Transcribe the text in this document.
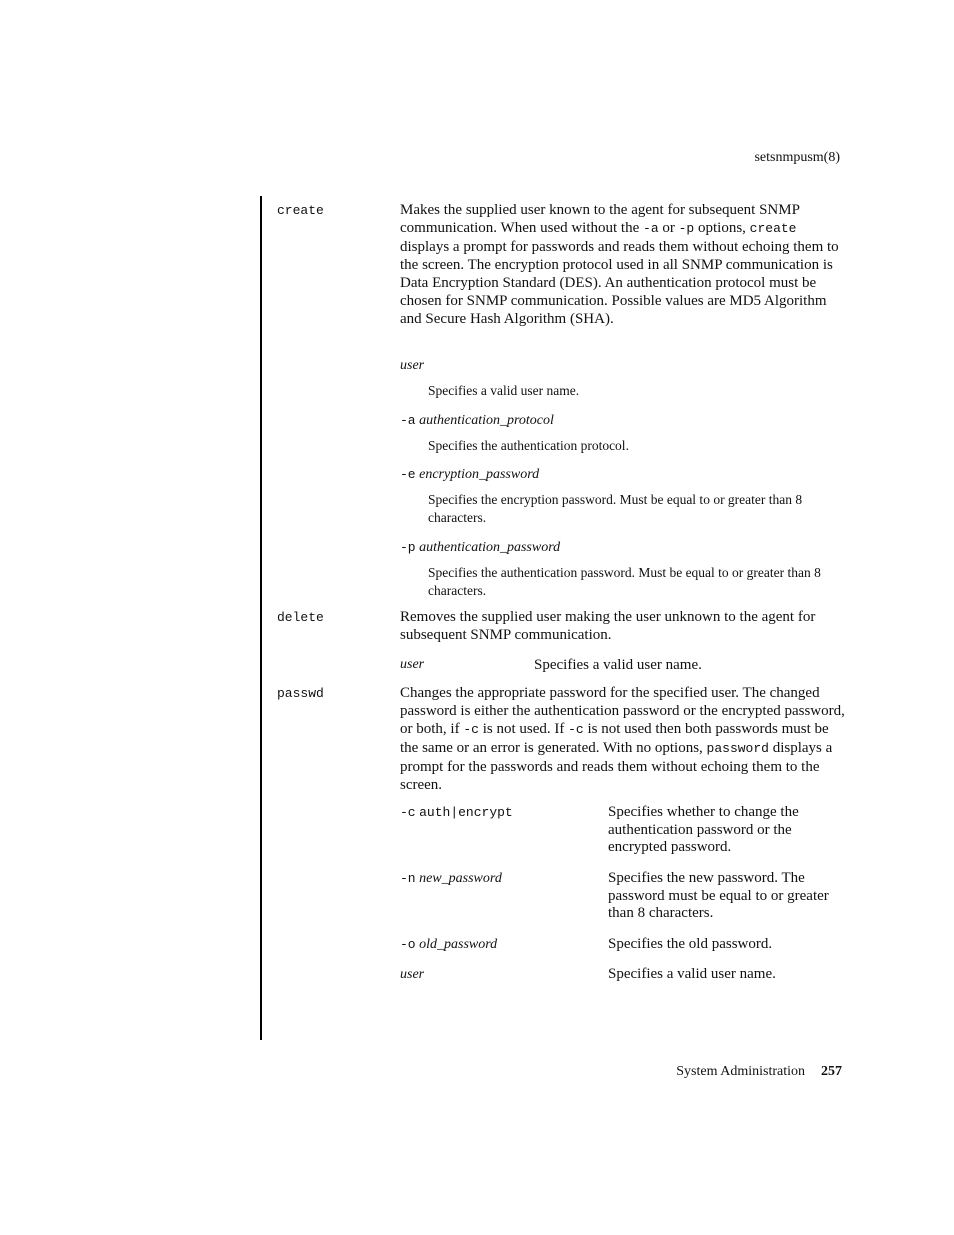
setsnmpusm(8)
create	Makes the supplied user known to the agent for subsequent SNMP communication. When used without the -a or -p options, create displays a prompt for passwords and reads them without echoing them to the screen. The encryption protocol used in all SNMP communication is Data Encryption Standard (DES). An authentication protocol must be chosen for SNMP communication. Possible values are MD5 Algorithm and Secure Hash Algorithm (SHA).
user
Specifies a valid user name.
-a authentication_protocol
Specifies the authentication protocol.
-e encryption_password
Specifies the encryption password. Must be equal to or greater than 8 characters.
-p authentication_password
Specifies the authentication password. Must be equal to or greater than 8 characters.
delete	Removes the supplied user making the user unknown to the agent for subsequent SNMP communication.
user	Specifies a valid user name.
passwd	Changes the appropriate password for the specified user. The changed password is either the authentication password or the encrypted password, or both, if -c is not used. If -c is not used then both passwords must be the same or an error is generated. With no options, password displays a prompt for the passwords and reads them without echoing them to the screen.
-c auth|encrypt	Specifies whether to change the authentication password or the encrypted password.
-n new_password	Specifies the new password. The password must be equal to or greater than 8 characters.
-o old_password	Specifies the old password.
user	Specifies a valid user name.
System Administration 257
